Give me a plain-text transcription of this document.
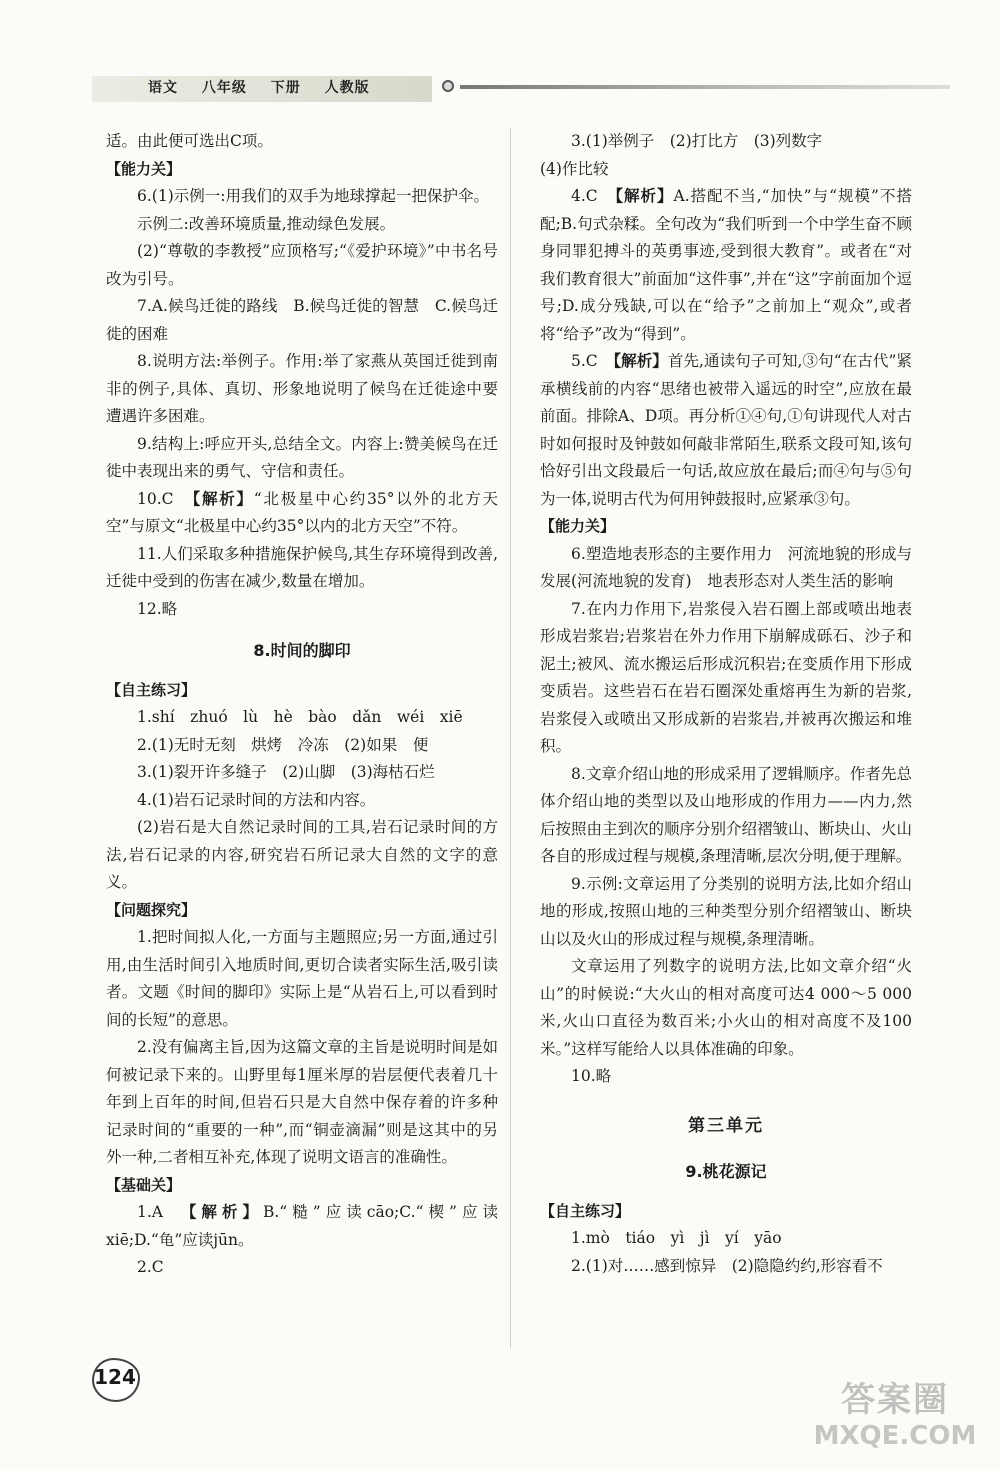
语文 八年级 下册 人教版

适。由此便可选出C项。

【能力关】

6.(1)示例一:用我们的双手为地球撑起一把保护伞。

示例二:改善环境质量,推动绿色发展。

(2)“尊敬的李教授”应顶格写;“《爱护环境》”中书名号改为引号。

7.A.候鸟迁徙的路线　B.候鸟迁徙的智慧　C.候鸟迁徙的困难

8.说明方法:举例子。作用:举了家燕从英国迁徙到南非的例子,具体、真切、形象地说明了候鸟在迁徙途中要遭遇许多困难。

9.结构上:呼应开头,总结全文。内容上:赞美候鸟在迁徙中表现出来的勇气、守信和责任。

10.C　【解析】“北极星中心约35°以外的北方天空”与原文“北极星中心约35°以内的北方天空”不符。

11.人们采取多种措施保护候鸟,其生存环境得到改善,迁徙中受到的伤害在减少,数量在增加。

12.略

8.时间的脚印
【自主练习】

1.shí　zhuó　lù　hè　bào　dǎn　wéi　xiē

2.(1)无时无刻　烘烤　冷冻　(2)如果　便

3.(1)裂开许多缝子　(2)山脚　(3)海枯石烂

4.(1)岩石记录时间的方法和内容。

(2)岩石是大自然记录时间的工具,岩石记录时间的方法,岩石记录的内容,研究岩石所记录大自然的文字的意义。

【问题探究】

1.把时间拟人化,一方面与主题照应;另一方面,通过引用,由生活时间引入地质时间,更切合读者实际生活,吸引读者。文题《时间的脚印》实际上是“从岩石上,可以看到时间的长短”的意思。

2.没有偏离主旨,因为这篇文章的主旨是说明时间是如何被记录下来的。山野里每1厘米厚的岩层便代表着几十年到上百年的时间,但岩石只是大自然中保存着的许多种记录时间的“重要的一种”,而“铜壶滴漏”则是这其中的另外一种,二者相互补充,体现了说明文语言的准确性。

【基础关】

1.A　【解析】B.“糙”应读cāo;C.“楔”应读xiē;D.“龟”应读jūn。

2.C

3.(1)举例子　(2)打比方　(3)列数字

(4)作比较

4.C　【解析】A.搭配不当,“加快”与“规模”不搭配;B.句式杂糅。全句改为“我们听到一个中学生奋不顾身同罪犯搏斗的英勇事迹,受到很大教育”。或者在“对我们教育很大”前面加“这件事”,并在“这”字前面加个逗号;D.成分残缺,可以在“给予”之前加上“观众”,或者将“给予”改为“得到”。

5.C　【解析】首先,通读句子可知,③句“在古代”紧承横线前的内容“思绪也被带入遥远的时空”,应放在最前面。排除A、D项。再分析①④句,①句讲现代人对古时如何报时及钟鼓如何敲非常陌生,联系文段可知,该句恰好引出文段最后一句话,故应放在最后;而④句与⑤句为一体,说明古代为何用钟鼓报时,应紧承③句。

【能力关】

6.塑造地表形态的主要作用力　河流地貌的形成与发展(河流地貌的发育)　地表形态对人类生活的影响

7.在内力作用下,岩浆侵入岩石圈上部或喷出地表形成岩浆岩;岩浆岩在外力作用下崩解成砾石、沙子和泥土;被风、流水搬运后形成沉积岩;在变质作用下形成变质岩。这些岩石在岩石圈深处重熔再生为新的岩浆,岩浆侵入或喷出又形成新的岩浆岩,并被再次搬运和堆积。

8.文章介绍山地的形成采用了逻辑顺序。作者先总体介绍山地的类型以及山地形成的作用力——内力,然后按照由主到次的顺序分别介绍褶皱山、断块山、火山各自的形成过程与规模,条理清晰,层次分明,便于理解。

9.示例:文章运用了分类别的说明方法,比如介绍山地的形成,按照山地的三种类型分别介绍褶皱山、断块山以及火山的形成过程与规模,条理清晰。

文章运用了列数字的说明方法,比如文章介绍“火山”的时候说:“大火山的相对高度可达4 000～5 000米,火山口直径为数百米;小火山的相对高度不及100米。”这样写能给人以具体准确的印象。

10.略

第三单元
9.桃花源记
【自主练习】

1.mò　tiáo　yì　jì　yí　yāo

2.(1)对……感到惊异　(2)隐隐约约,形容看不

124
答案圈
MXQE.COM
